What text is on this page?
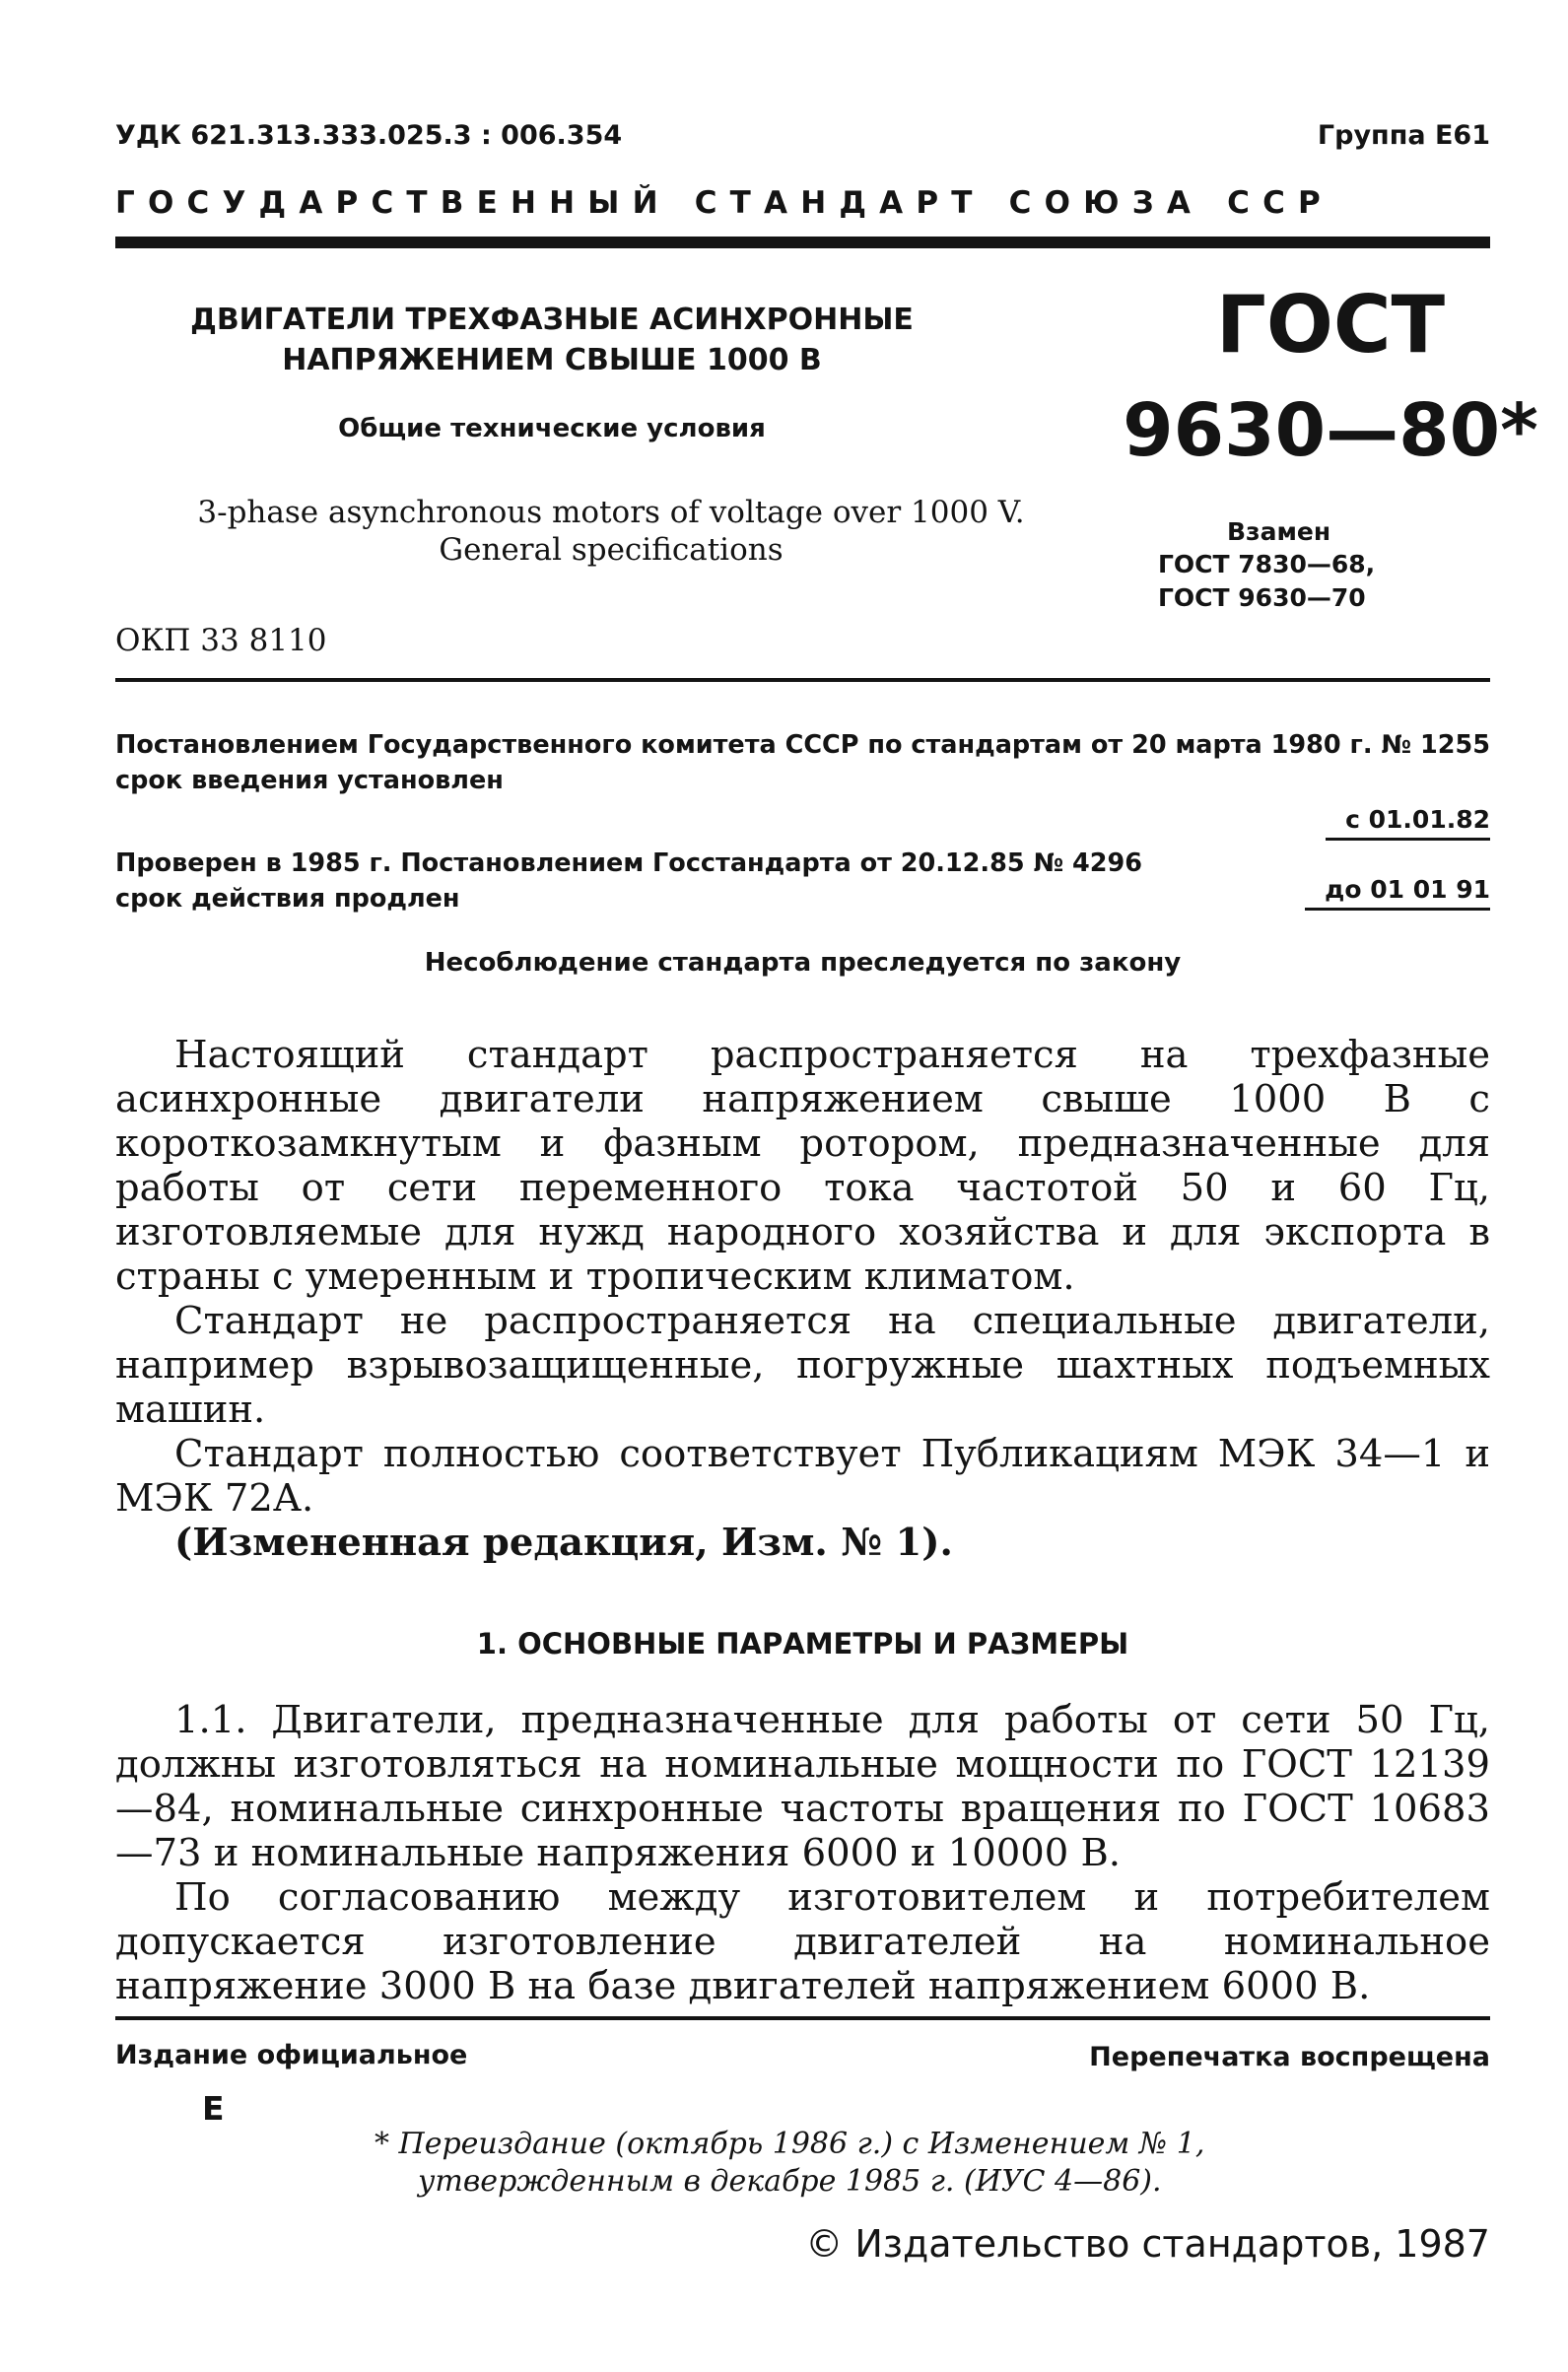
УДК 621.313.333.025.3 : 006.354	Группа Е61
ГОСУДАРСТВЕННЫЙ СТАНДАРТ СОЮЗА ССР
ДВИГАТЕЛИ ТРЕХФАЗНЫЕ АСИНХРОННЫЕ
НАПРЯЖЕНИЕМ СВЫШЕ 1000 В
Общие технические условия
ГОСТ
9630—80*
3-phase asynchronous motors of voltage over 1000 V.
General specifications
Взамен
ГОСТ 7830—68,
ГОСТ 9630—70
ОКП 33 8110
Постановлением Государственного комитета СССР по стандартам от 20 марта 1980 г. № 1255 срок введения установлен
с 01.01.82
Проверен в 1985 г. Постановлением Госстандарта от 20.12.85 № 4296
срок действия продлен	до 01 01 91
Несоблюдение стандарта преследуется по закону
Настоящий стандарт распространяется на трехфазные асинхронные двигатели напряжением свыше 1000 В с короткозамкнутым и фазным ротором, предназначенные для работы от сети переменного тока частотой 50 и 60 Гц, изготовляемые для нужд народного хозяйства и для экспорта в страны с умеренным и тропическим климатом.
Стандарт не распространяется на специальные двигатели, например взрывозащищенные, погружные шахтных подъемных машин.
Стандарт полностью соответствует Публикациям МЭК 34—1 и МЭК 72А.
(Измененная редакция, Изм. № 1).
1. ОСНОВНЫЕ ПАРАМЕТРЫ И РАЗМЕРЫ
1.1. Двигатели, предназначенные для работы от сети 50 Гц, должны изготовляться на номинальные мощности по ГОСТ 12139—84, номинальные синхронные частоты вращения по ГОСТ 10683—73 и номинальные напряжения 6000 и 10000 В.
По согласованию между изготовителем и потребителем допускается изготовление двигателей на номинальное напряжение 3000 В на базе двигателей напряжением 6000 В.
Издание официальное	Перепечатка воспрещена
Е
* Переиздание (октябрь 1986 г.) с Изменением № 1,
утвержденным в декабре 1985 г. (ИУС 4—86).
© Издательство стандартов, 1987
